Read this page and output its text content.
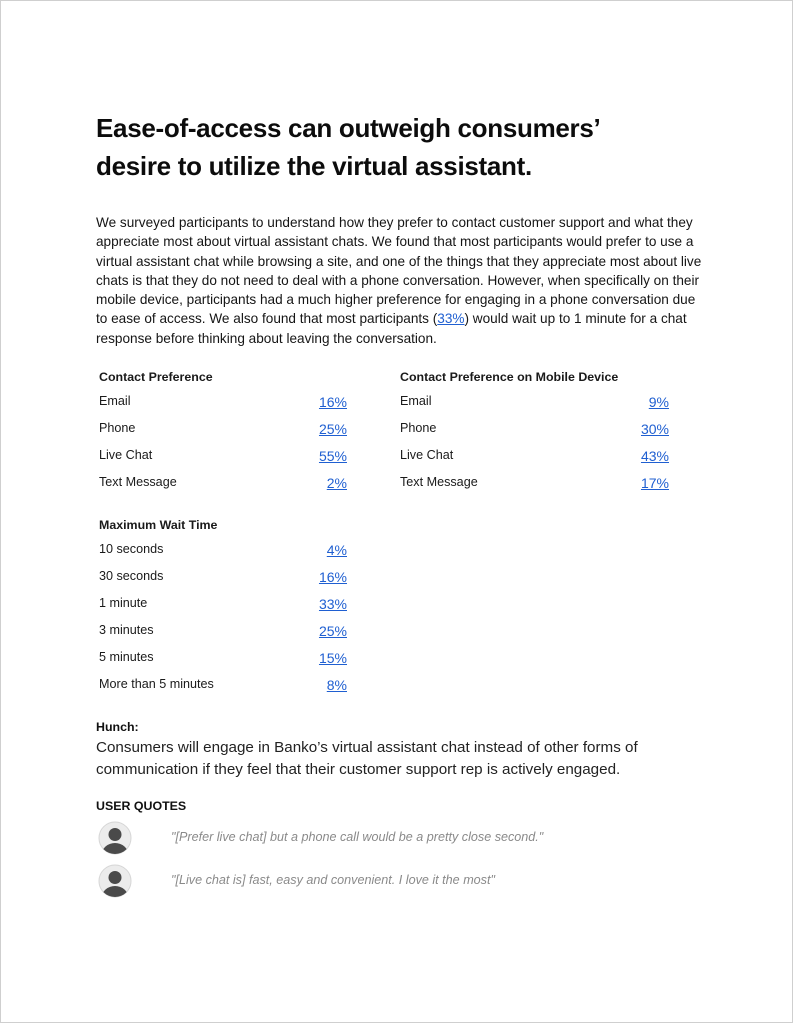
Ease-of-access can outweigh consumers’
desire to utilize the virtual assistant.

We surveyed participants to understand how they prefer to contact customer support and what they appreciate most about virtual assistant chats. We found that most participants would prefer to use a virtual assistant chat while browsing a site, and one of the things that they appreciate most about live chats is that they do not need to deal with a phone conversation. However, when specifically on their mobile device, participants had a much higher preference for engaging in a phone conversation due to ease of access. We also found that most participants (33%) would wait up to 1 minute for a chat response before thinking about leaving the conversation.

Contact Preference
Email	16%
Phone	25%
Live Chat	55%
Text Message	2%
Contact Preference on Mobile Device
Email	9%
Phone	30%
Live Chat	43%
Text Message	17%
Maximum Wait Time
10 seconds	4%
30 seconds	16%
1 minute	33%
3 minutes	25%
5 minutes	15%
More than 5 minutes	8%
Hunch:
Consumers will engage in Banko’s virtual assistant chat instead of other forms of communication if they feel that their customer support rep is actively engaged.
USER QUOTES
"[Prefer live chat] but a phone call would be a pretty close second."
"[Live chat is] fast, easy and convenient. I love it the most"
